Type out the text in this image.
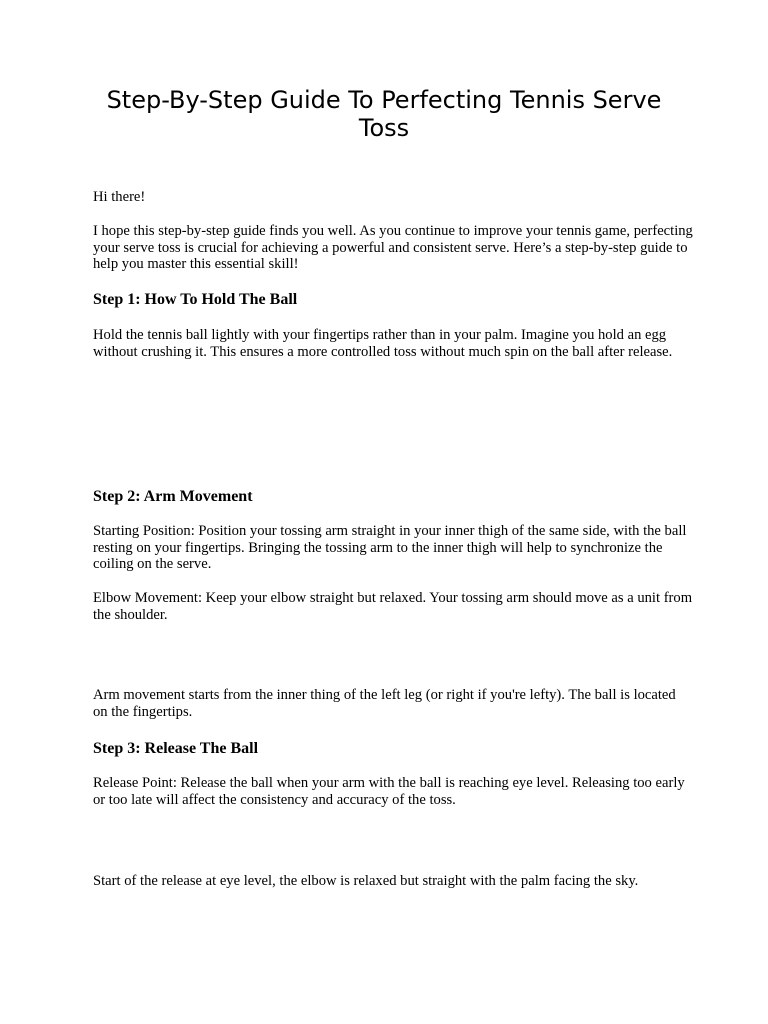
Step-By-Step Guide To Perfecting Tennis Serve Toss

Hi there!

I hope this step-by-step guide finds you well. As you continue to improve your tennis game, perfecting your serve toss is crucial for achieving a powerful and consistent serve. Here’s a step-by-step guide to help you master this essential skill!

Step 1: How To Hold The Ball

Hold the tennis ball lightly with your fingertips rather than in your palm. Imagine you hold an egg without crushing it. This ensures a more controlled toss without much spin on the ball after release.

Step 2: Arm Movement

Starting Position: Position your tossing arm straight in your inner thigh of the same side, with the ball resting on your fingertips. Bringing the tossing arm to the inner thigh will help to synchronize the coiling on the serve.

Elbow Movement: Keep your elbow straight but relaxed. Your tossing arm should move as a unit from the shoulder.

Arm movement starts from the inner thing of the left leg (or right if you're lefty). The ball is located on the fingertips.

Step 3: Release The Ball

Release Point: Release the ball when your arm with the ball is reaching eye level. Releasing too early or too late will affect the consistency and accuracy of the toss.

Start of the release at eye level, the elbow is relaxed but straight with the palm facing the sky.
